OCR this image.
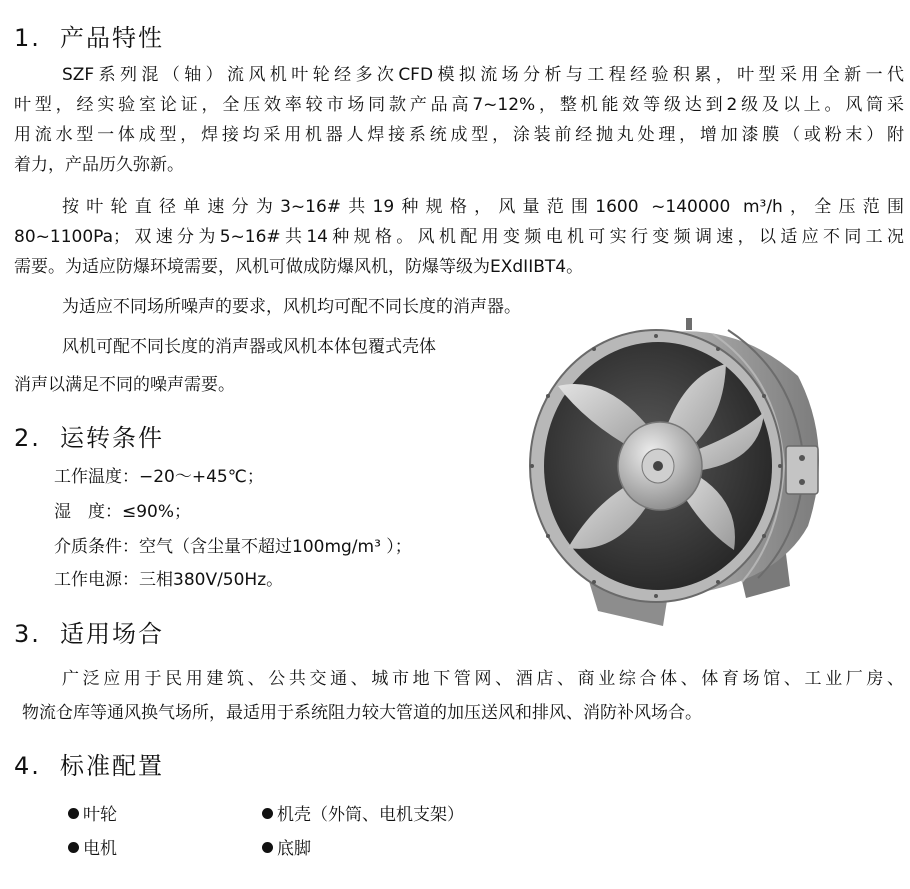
1. 产品特性

SZF系列混（轴）流风机叶轮经多次CFD模拟流场分析与工程经验积累，叶型采用全新一代

叶型，经实验室论证，全压效率较市场同款产品高7~12%，整机能效等级达到2级及以上。风筒采

用流水型一体成型，焊接均采用机器人焊接系统成型，涂装前经抛丸处理，增加漆膜（或粉末）附

着力，产品历久弥新。

按叶轮直径单速分为3~16#共19种规格，风量范围1600 ~140000 m³/h，全压范围

80~1100Pa；双速分为5~16#共14种规格。风机配用变频电机可实行变频调速，以适应不同工况

需要。为适应防爆环境需要，风机可做成防爆风机，防爆等级为EXdIIBT4。

为适应不同场所噪声的要求，风机均可配不同长度的消声器。

风机可配不同长度的消声器或风机本体包覆式壳体

消声以满足不同的噪声需要。

2. 运转条件

工作温度：−20～+45℃；

湿　度：≤90%；

介质条件：空气（含尘量不超过100mg/m³ ）；

工作电源：三相380V/50Hz。

3. 适用场合

广泛应用于民用建筑、公共交通、城市地下管网、酒店、商业综合体、体育场馆、工业厂房、

物流仓库等通风换气场所，最适用于系统阻力较大管道的加压送风和排风、消防补风场合。

4. 标准配置

叶轮	机壳（外筒、电机支架）

电机	底脚
